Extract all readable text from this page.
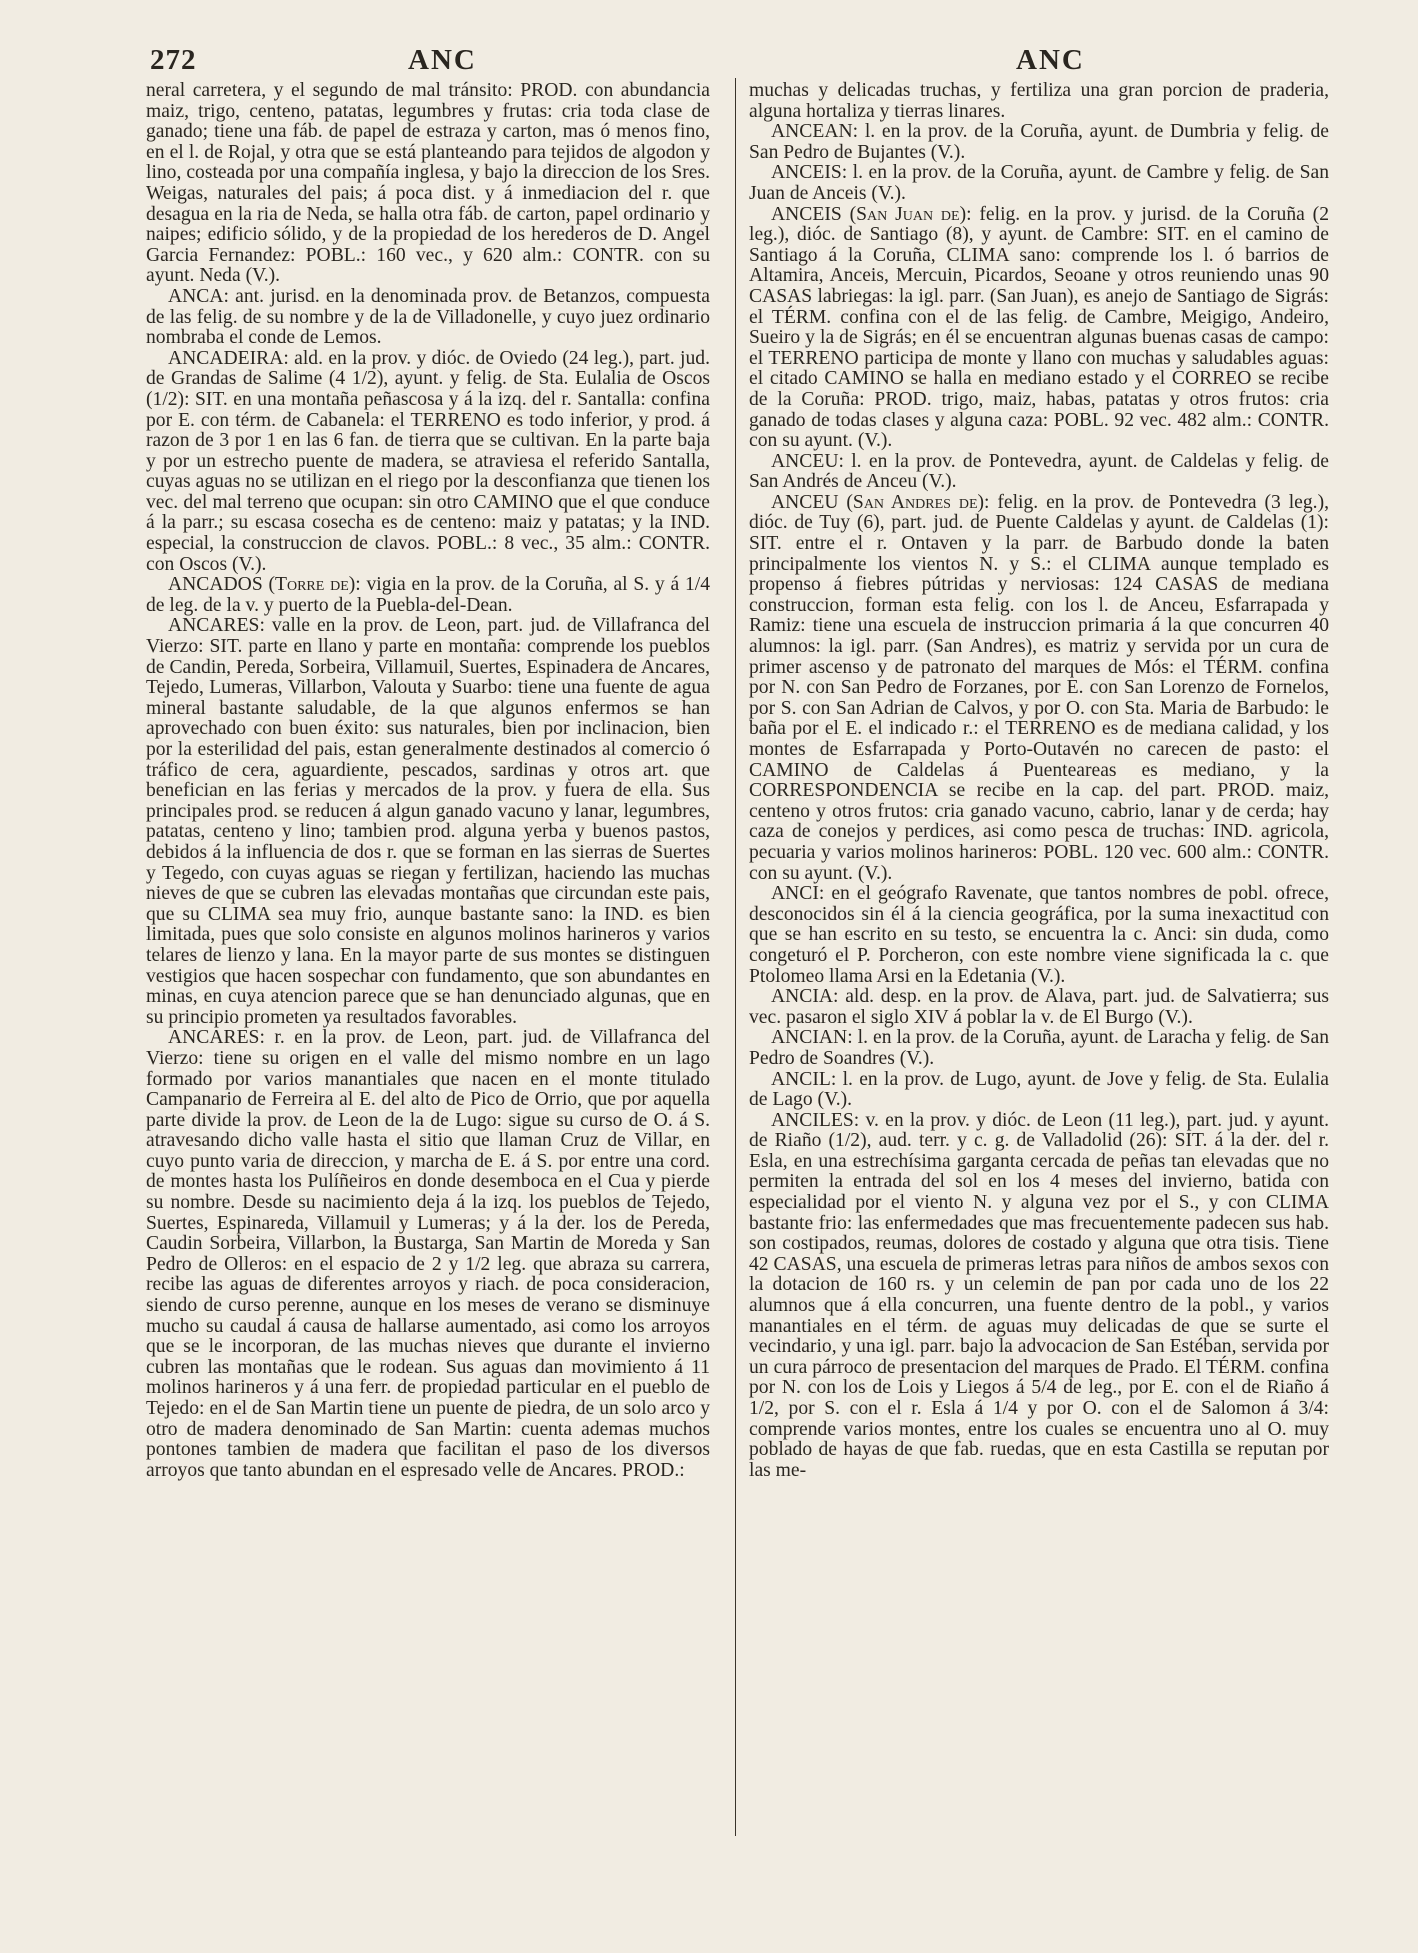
272	ANC	ANC

neral carretera, y el segundo de mal tránsito: PROD. con abundancia maiz, trigo, centeno, patatas, legumbres y frutas: cria toda clase de ganado; tiene una fáb. de papel de estraza y carton, mas ó menos fino, en el l. de Rojal, y otra que se está planteando para tejidos de algodon y lino, costeada por una compañía inglesa, y bajo la direccion de los Sres. Weigas, naturales del pais; á poca dist. y á inmediacion del r. que desagua en la ria de Neda, se halla otra fáb. de carton, papel ordinario y naipes; edificio sólido, y de la propiedad de los herederos de D. Angel Garcia Fernandez: POBL.: 160 vec., y 620 alm.: CONTR. con su ayunt. Neda (V.).

ANCA: ant. jurisd. en la denominada prov. de Betanzos, compuesta de las felig. de su nombre y de la de Villadonelle, y cuyo juez ordinario nombraba el conde de Lemos.

ANCADEIRA: ald. en la prov. y dióc. de Oviedo (24 leg.), part. jud. de Grandas de Salime (4 1/2), ayunt. y felig. de Sta. Eulalia de Oscos (1/2): SIT. en una montaña peñascosa y á la izq. del r. Santalla: confina por E. con térm. de Cabanela: el TERRENO es todo inferior, y prod. á razon de 3 por 1 en las 6 fan. de tierra que se cultivan. En la parte baja y por un estrecho puente de madera, se atraviesa el referido Santalla, cuyas aguas no se utilizan en el riego por la desconfianza que tienen los vec. del mal terreno que ocupan: sin otro CAMINO que el que conduce á la parr.; su escasa cosecha es de centeno: maiz y patatas; y la IND. especial, la construccion de clavos. POBL.: 8 vec., 35 alm.: CONTR. con Oscos (V.).

ANCADOS (Torre de): vigia en la prov. de la Coruña, al S. y á 1/4 de leg. de la v. y puerto de la Puebla-del-Dean.

ANCARES: valle en la prov. de Leon, part. jud. de Villafranca del Vierzo: SIT. parte en llano y parte en montaña: comprende los pueblos de Candin, Pereda, Sorbeira, Villamuil, Suertes, Espinadera de Ancares, Tejedo, Lumeras, Villarbon, Valouta y Suarbo: tiene una fuente de agua mineral bastante saludable, de la que algunos enfermos se han aprovechado con buen éxito: sus naturales, bien por inclinacion, bien por la esterilidad del pais, estan generalmente destinados al comercio ó tráfico de cera, aguardiente, pescados, sardinas y otros art. que benefician en las ferias y mercados de la prov. y fuera de ella. Sus principales prod. se reducen á algun ganado vacuno y lanar, legumbres, patatas, centeno y lino; tambien prod. alguna yerba y buenos pastos, debidos á la influencia de dos r. que se forman en las sierras de Suertes y Tegedo, con cuyas aguas se riegan y fertilizan, haciendo las muchas nieves de que se cubren las elevadas montañas que circundan este pais, que su CLIMA sea muy frio, aunque bastante sano: la IND. es bien limitada, pues que solo consiste en algunos molinos harineros y varios telares de lienzo y lana. En la mayor parte de sus montes se distinguen vestigios que hacen sospechar con fundamento, que son abundantes en minas, en cuya atencion parece que se han denunciado algunas, que en su principio prometen ya resultados favorables.

ANCARES: r. en la prov. de Leon, part. jud. de Villafranca del Vierzo: tiene su origen en el valle del mismo nombre en un lago formado por varios manantiales que nacen en el monte titulado Campanario de Ferreira al E. del alto de Pico de Orrio, que por aquella parte divide la prov. de Leon de la de Lugo: sigue su curso de O. á S. atravesando dicho valle hasta el sitio que llaman Cruz de Villar, en cuyo punto varia de direccion, y marcha de E. á S. por entre una cord. de montes hasta los Pulíñeiros en donde desemboca en el Cua y pierde su nombre. Desde su nacimiento deja á la izq. los pueblos de Tejedo, Suertes, Espinareda, Villamuil y Lumeras; y á la der. los de Pereda, Caudin Sorbeira, Villarbon, la Bustarga, San Martin de Moreda y San Pedro de Olleros: en el espacio de 2 y 1/2 leg. que abraza su carrera, recibe las aguas de diferentes arroyos y riach. de poca consideracion, siendo de curso perenne, aunque en los meses de verano se disminuye mucho su caudal á causa de hallarse aumentado, asi como los arroyos que se le incorporan, de las muchas nieves que durante el invierno cubren las montañas que le rodean. Sus aguas dan movimiento á 11 molinos harineros y á una ferr. de propiedad particular en el pueblo de Tejedo: en el de San Martin tiene un puente de piedra, de un solo arco y otro de madera denominado de San Martin: cuenta ademas muchos pontones tambien de madera que facilitan el paso de los diversos arroyos que tanto abundan en el espresado velle de Ancares. PROD.:

muchas y delicadas truchas, y fertiliza una gran porcion de praderia, alguna hortaliza y tierras linares.

ANCEAN: l. en la prov. de la Coruña, ayunt. de Dumbria y felig. de San Pedro de Bujantes (V.).

ANCEIS: l. en la prov. de la Coruña, ayunt. de Cambre y felig. de San Juan de Anceis (V.).

ANCEIS (San Juan de): felig. en la prov. y jurisd. de la Coruña (2 leg.), dióc. de Santiago (8), y ayunt. de Cambre: SIT. en el camino de Santiago á la Coruña, CLIMA sano: comprende los l. ó barrios de Altamira, Anceis, Mercuin, Picardos, Seoane y otros reuniendo unas 90 CASAS labriegas: la igl. parr. (San Juan), es anejo de Santiago de Sigrás: el TÉRM. confina con el de las felig. de Cambre, Meigigo, Andeiro, Sueiro y la de Sigrás; en él se encuentran algunas buenas casas de campo: el TERRENO participa de monte y llano con muchas y saludables aguas: el citado CAMINO se halla en mediano estado y el CORREO se recibe de la Coruña: PROD. trigo, maiz, habas, patatas y otros frutos: cria ganado de todas clases y alguna caza: POBL. 92 vec. 482 alm.: CONTR. con su ayunt. (V.).

ANCEU: l. en la prov. de Pontevedra, ayunt. de Caldelas y felig. de San Andrés de Anceu (V.).

ANCEU (San Andres de): felig. en la prov. de Pontevedra (3 leg.), dióc. de Tuy (6), part. jud. de Puente Caldelas y ayunt. de Caldelas (1): SIT. entre el r. Ontaven y la parr. de Barbudo donde la baten principalmente los vientos N. y S.: el CLIMA aunque templado es propenso á fiebres pútridas y nerviosas: 124 CASAS de mediana construccion, forman esta felig. con los l. de Anceu, Esfarrapada y Ramiz: tiene una escuela de instruccion primaria á la que concurren 40 alumnos: la igl. parr. (San Andres), es matriz y servida por un cura de primer ascenso y de patronato del marques de Mós: el TÉRM. confina por N. con San Pedro de Forzanes, por E. con San Lorenzo de Fornelos, por S. con San Adrian de Calvos, y por O. con Sta. Maria de Barbudo: le baña por el E. el indicado r.: el TERRENO es de mediana calidad, y los montes de Esfarrapada y Porto-Outavén no carecen de pasto: el CAMINO de Caldelas á Puenteareas es mediano, y la CORRESPONDENCIA se recibe en la cap. del part. PROD. maiz, centeno y otros frutos: cria ganado vacuno, cabrio, lanar y de cerda; hay caza de conejos y perdices, asi como pesca de truchas: IND. agricola, pecuaria y varios molinos harineros: POBL. 120 vec. 600 alm.: CONTR. con su ayunt. (V.).

ANCI: en el geógrafo Ravenate, que tantos nombres de pobl. ofrece, desconocidos sin él á la ciencia geográfica, por la suma inexactitud con que se han escrito en su testo, se encuentra la c. Anci: sin duda, como congeturó el P. Porcheron, con este nombre viene significada la c. que Ptolomeo llama Arsi en la Edetania (V.).

ANCIA: ald. desp. en la prov. de Alava, part. jud. de Salvatierra; sus vec. pasaron el siglo XIV á poblar la v. de El Burgo (V.).

ANCIAN: l. en la prov. de la Coruña, ayunt. de Laracha y felig. de San Pedro de Soandres (V.).

ANCIL: l. en la prov. de Lugo, ayunt. de Jove y felig. de Sta. Eulalia de Lago (V.).

ANCILES: v. en la prov. y dióc. de Leon (11 leg.), part. jud. y ayunt. de Riaño (1/2), aud. terr. y c. g. de Valladolid (26): SIT. á la der. del r. Esla, en una estrechísima garganta cercada de peñas tan elevadas que no permiten la entrada del sol en los 4 meses del invierno, batida con especialidad por el viento N. y alguna vez por el S., y con CLIMA bastante frio: las enfermedades que mas frecuentemente padecen sus hab. son costipados, reumas, dolores de costado y alguna que otra tisis. Tiene 42 CASAS, una escuela de primeras letras para niños de ambos sexos con la dotacion de 160 rs. y un celemin de pan por cada uno de los 22 alumnos que á ella concurren, una fuente dentro de la pobl., y varios manantiales en el térm. de aguas muy delicadas de que se surte el vecindario, y una igl. parr. bajo la advocacion de San Estéban, servida por un cura párroco de presentacion del marques de Prado. El TÉRM. confina por N. con los de Lois y Liegos á 5/4 de leg., por E. con el de Riaño á 1/2, por S. con el r. Esla á 1/4 y por O. con el de Salomon á 3/4: comprende varios montes, entre los cuales se encuentra uno al O. muy poblado de hayas de que fab. ruedas, que en esta Castilla se reputan por las me-
